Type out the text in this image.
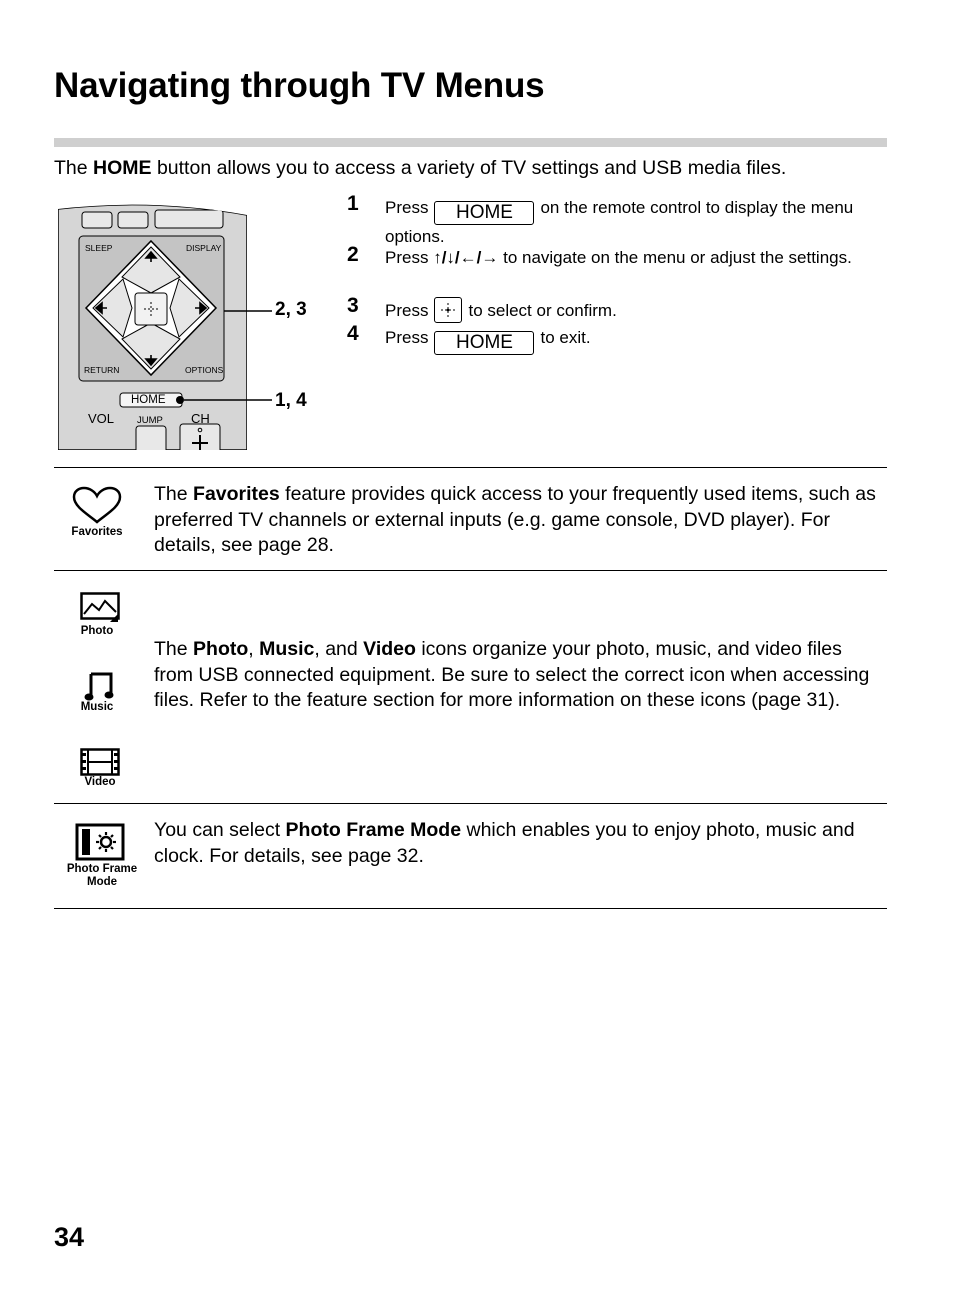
Navigating through TV Menus
The HOME button allows you to access a variety of TV settings and USB media files.
SLEEP	DISPLAY
RETURN	OPTIONS
HOME
VOL JUMP CH
2, 3
1, 4
1 Press HOME on the remote control to display the menu options.
2 Press ↑/↓/←/→ to navigate on the menu or adjust the settings.
3 Press to select or confirm.
4 Press HOME to exit.
Favorites
The Favorites feature provides quick access to your frequently used items, such as preferred TV channels or external inputs (e.g. game console, DVD player). For details, see page 28.
Photo
Music
Video
The Photo, Music, and Video icons organize your photo, music, and video files from USB connected equipment. Be sure to select the correct icon when accessing files. Refer to the feature section for more information on these icons (page 31).
Photo Frame
Mode
You can select Photo Frame Mode which enables you to enjoy photo, music and clock. For details, see page 32.
34
